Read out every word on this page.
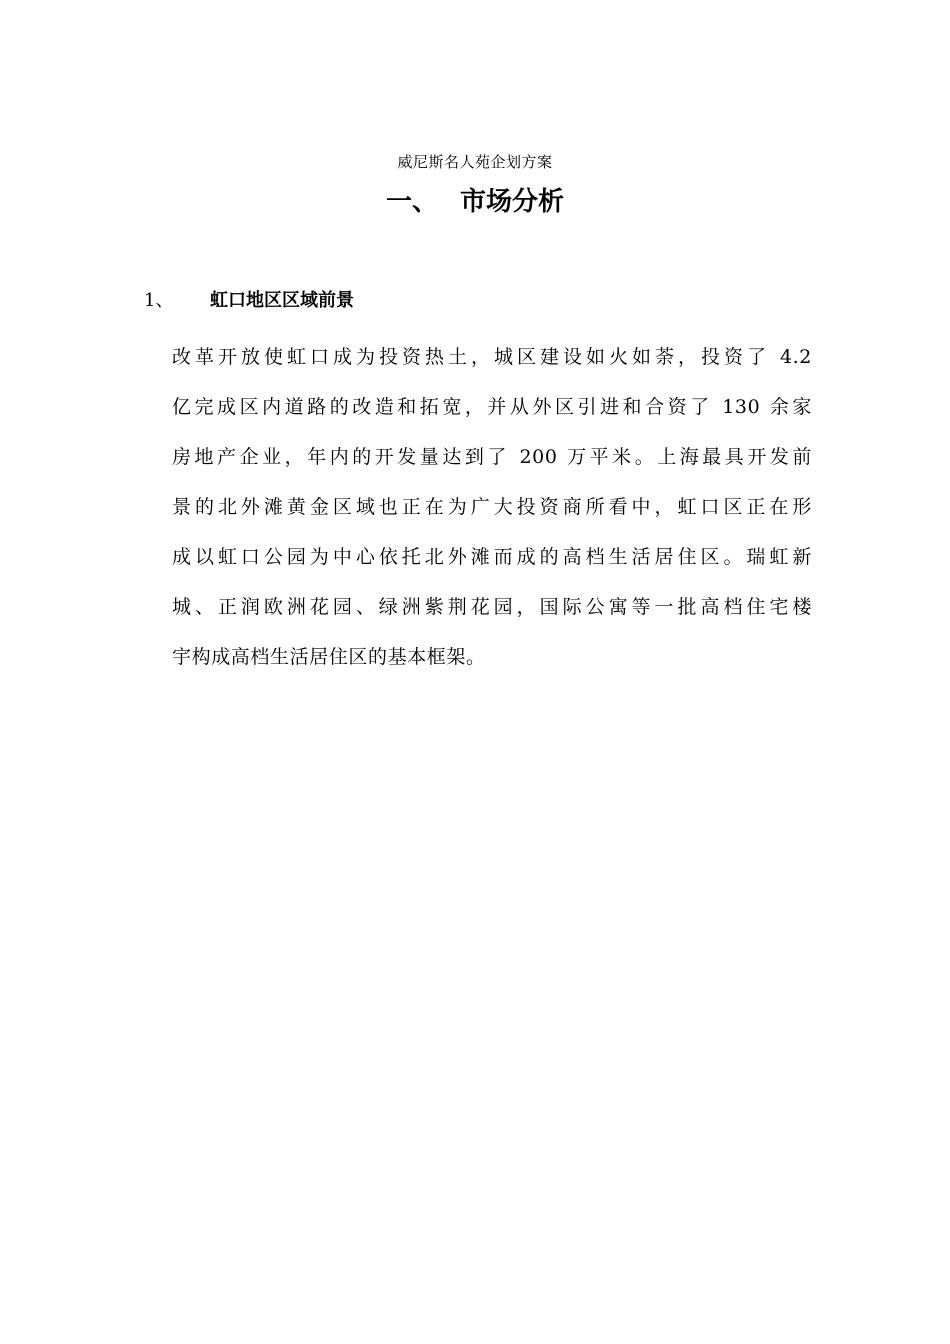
威尼斯名人苑企划方案
一、 市场分析
1、 虹口地区区域前景
改革开放使虹口成为投资热土，城区建设如火如荼，投资了 4.2
亿完成区内道路的改造和拓宽，并从外区引进和合资了 130 余家
房地产企业，年内的开发量达到了 200 万平米。上海最具开发前
景的北外滩黄金区域也正在为广大投资商所看中，虹口区正在形
成以虹口公园为中心依托北外滩而成的高档生活居住区。瑞虹新
城、正润欧洲花园、绿洲紫荆花园，国际公寓等一批高档住宅楼
宇构成高档生活居住区的基本框架。
